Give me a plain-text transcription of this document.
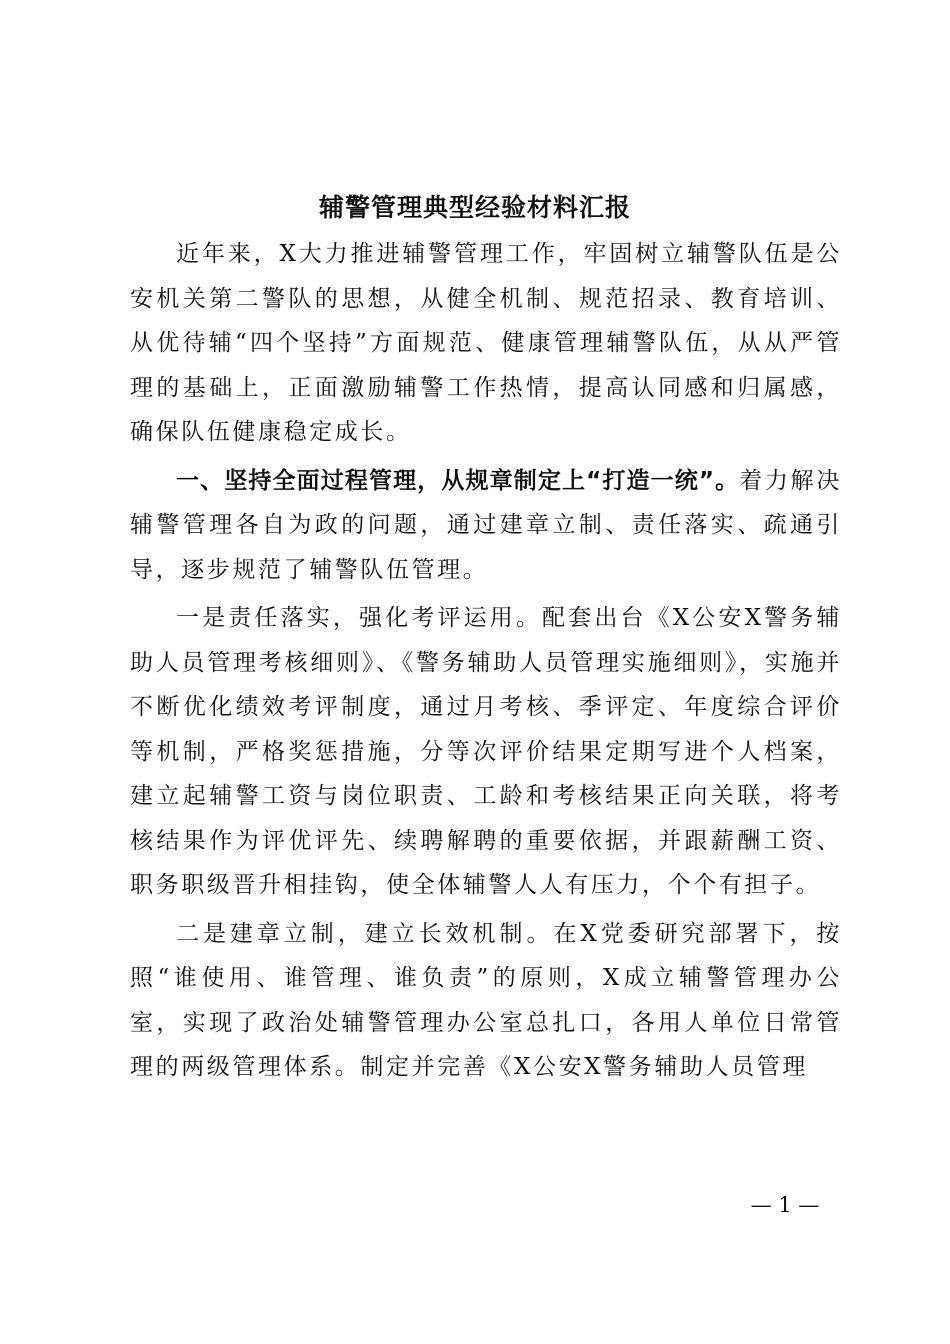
辅警管理典型经验材料汇报

近年来，X大力推进辅警管理工作，牢固树立辅警队伍是公安机关第二警队的思想，从健全机制、规范招录、教育培训、从优待辅“四个坚持”方面规范、健康管理辅警队伍，从从严管理的基础上，正面激励辅警工作热情，提高认同感和归属感，确保队伍健康稳定成长。

一、坚持全面过程管理，从规章制定上“打造一统”。着力解决辅警管理各自为政的问题，通过建章立制、责任落实、疏通引导，逐步规范了辅警队伍管理。

一是责任落实，强化考评运用。配套出台《X公安X警务辅助人员管理考核细则》、《警务辅助人员管理实施细则》，实施并不断优化绩效考评制度，通过月考核、季评定、年度综合评价等机制，严格奖惩措施，分等次评价结果定期写进个人档案，建立起辅警工资与岗位职责、工龄和考核结果正向关联，将考核结果作为评优评先、续聘解聘的重要依据，并跟薪酬工资、职务职级晋升相挂钩，使全体辅警人人有压力，个个有担子。

二是建章立制，建立长效机制。在X党委研究部署下，按照“谁使用、谁管理、谁负责”的原则，X成立辅警管理办公室，实现了政治处辅警管理办公室总扎口，各用人单位日常管理的两级管理体系。制定并完善《X公安X警务辅助人员管理

— 1 —
